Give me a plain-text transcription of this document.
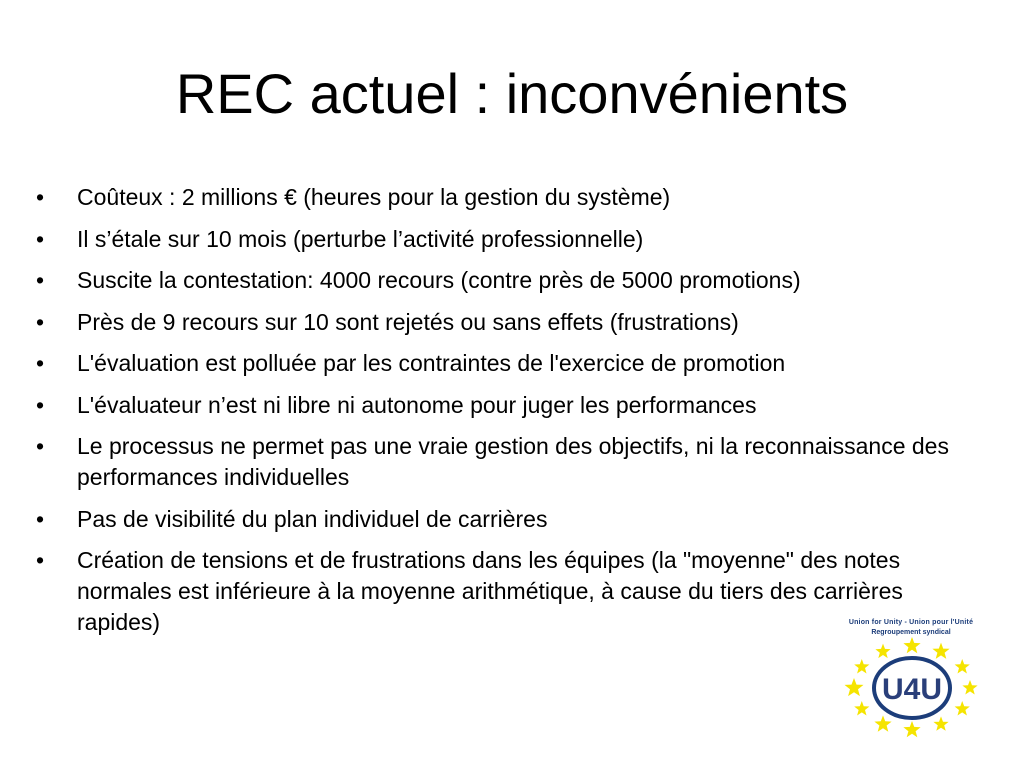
REC actuel : inconvénients
• Coûteux : 2 millions € (heures pour la gestion du système)
• Il s’étale sur 10 mois (perturbe l’activité professionnelle)
• Suscite la contestation: 4000 recours (contre près de 5000 promotions)
• Près de 9 recours sur 10 sont rejetés ou sans effets (frustrations)
• L'évaluation est polluée par les contraintes de l'exercice de promotion
• L'évaluateur n’est ni libre ni autonome pour juger les performances
• Le processus ne permet pas une vraie gestion des objectifs, ni la reconnaissance des performances individuelles
• Pas de visibilité du plan individuel de carrières
• Création de tensions et de frustrations dans les équipes (la "moyenne" des notes normales est inférieure à la moyenne arithmétique, à cause du tiers des carrières rapides)	Union for Unity - Union pour l'Unité
Regroupement syndical
U4U
